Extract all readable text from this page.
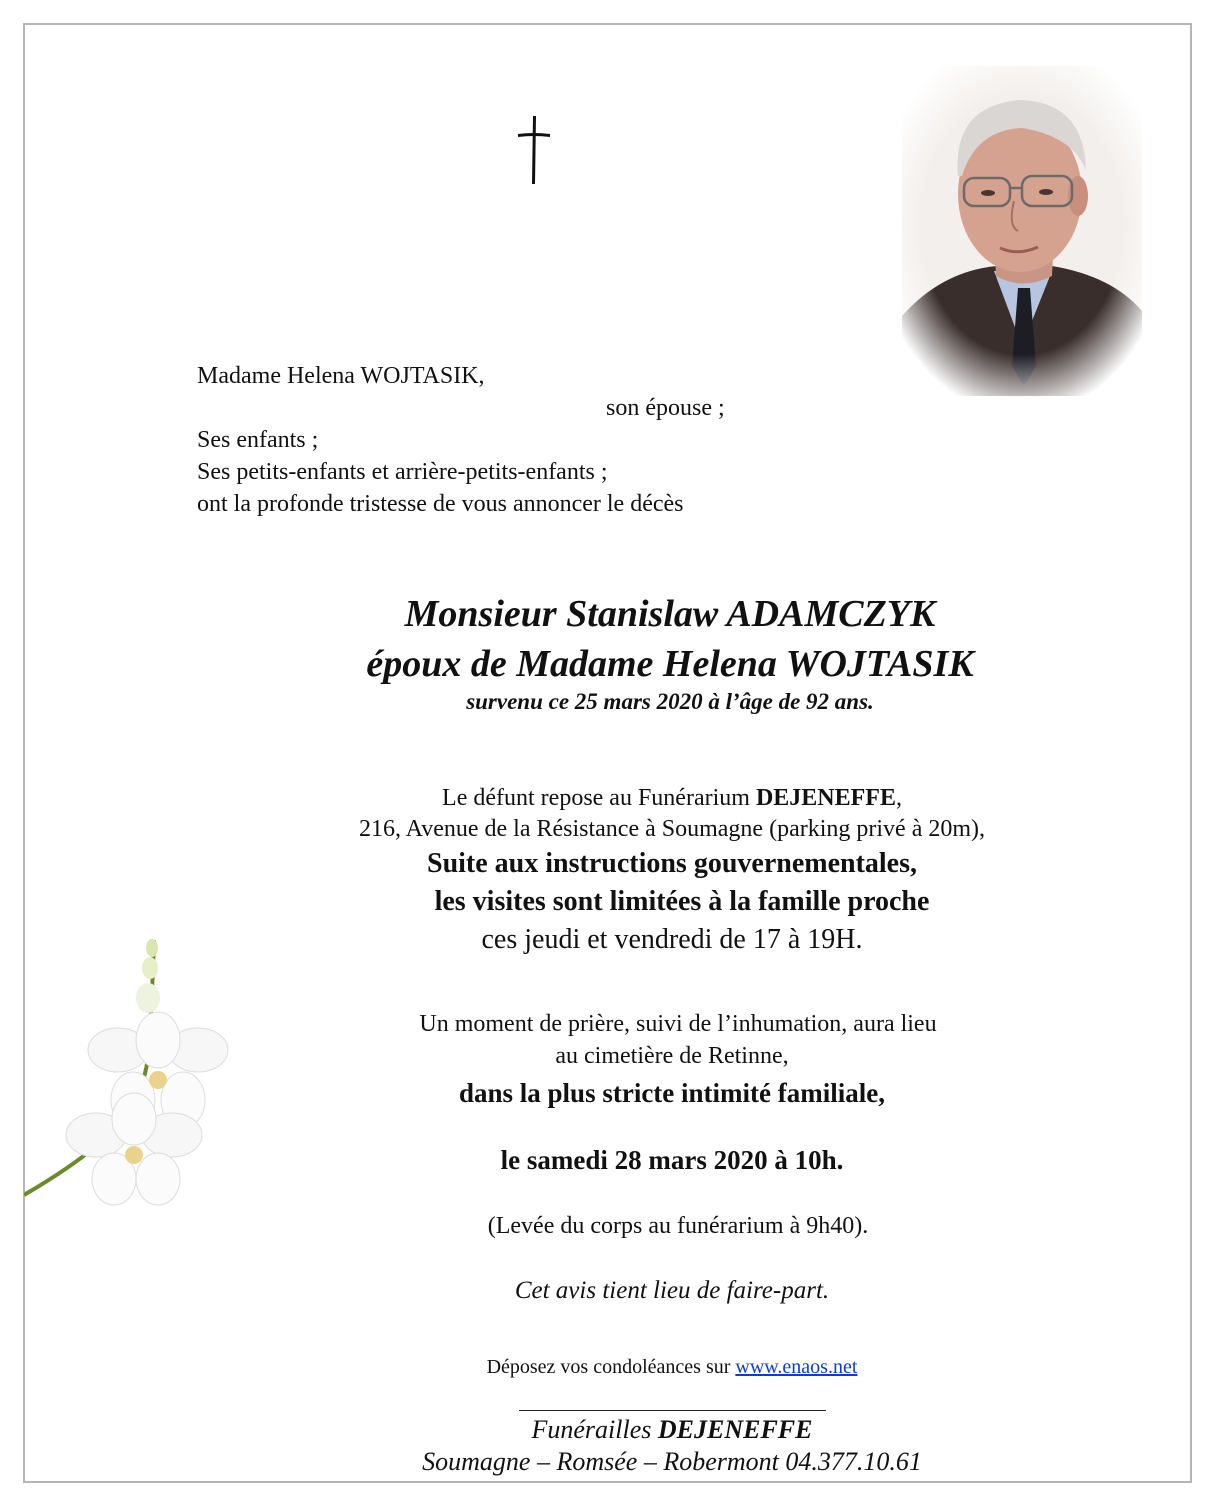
Madame Helena WOJTASIK,
son épouse ;
Ses enfants ;
Ses petits-enfants et arrière-petits-enfants ;
ont la profonde tristesse de vous annoncer le décès
Monsieur Stanislaw ADAMCZYK
époux de Madame Helena WOJTASIK
survenu ce 25 mars 2020 à l’âge de 92 ans.
Le défunt repose au Funérarium DEJENEFFE,
216, Avenue de la Résistance à Soumagne (parking privé à 20m),
Suite aux instructions gouvernementales,
les visites sont limitées à la famille proche
ces jeudi et vendredi de 17 à 19H.
Un moment de prière, suivi de l’inhumation, aura lieu
au cimetière de Retinne,
dans la plus stricte intimité familiale,
le samedi 28 mars 2020 à 10h.
(Levée du corps au funérarium à 9h40).
Cet avis tient lieu de faire-part.
Déposez vos condoléances sur www.enaos.net
Funérailles DEJENEFFE
Soumagne – Romsée – Robermont 04.377.10.61
